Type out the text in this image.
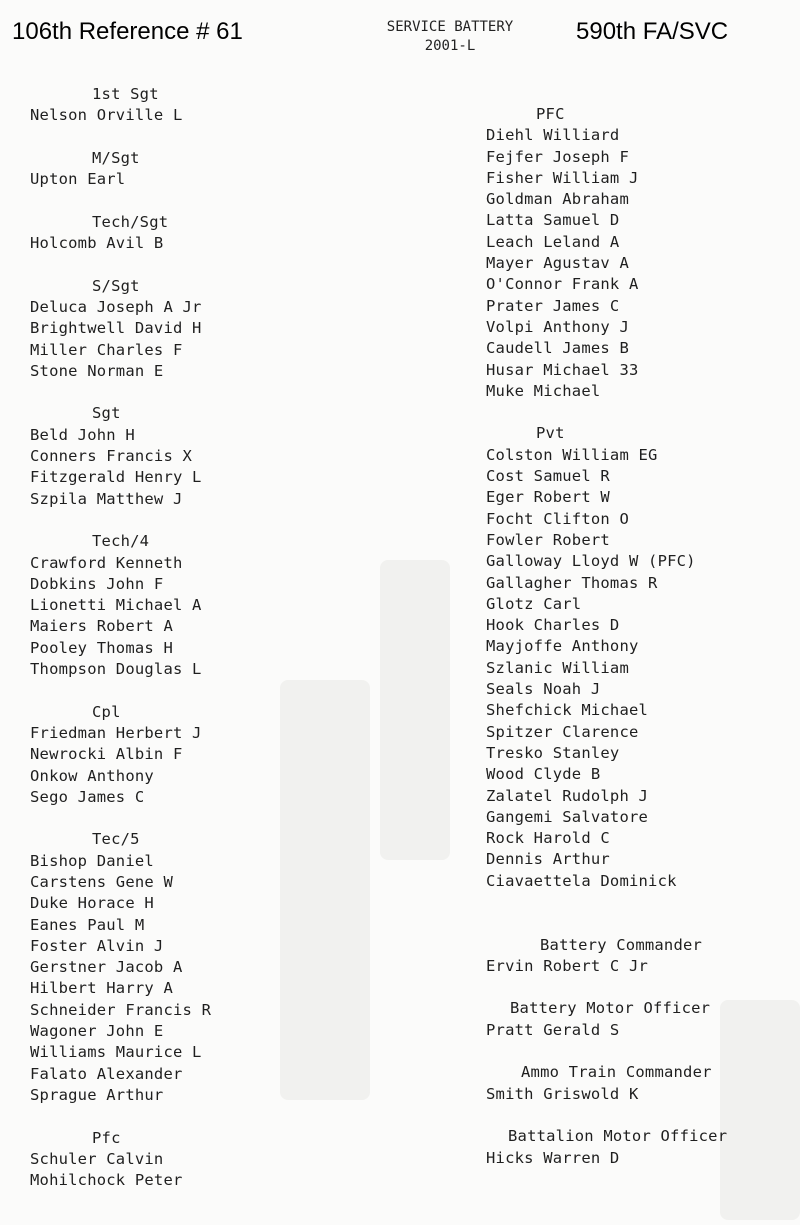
106th Reference # 61	590th FA/SVC
SERVICE BATTERY
2001-L
1st Sgt
Nelson Orville L
M/Sgt
Upton Earl
Tech/Sgt
Holcomb Avil B
S/Sgt
Deluca Joseph A Jr
Brightwell David H
Miller Charles F
Stone Norman E
Sgt
Beld John H
Conners Francis X
Fitzgerald Henry L
Szpila Matthew J
Tech/4
Crawford Kenneth
Dobkins John F
Lionetti Michael A
Maiers Robert A
Pooley Thomas H
Thompson Douglas L
Cpl
Friedman Herbert J
Newrocki Albin F
Onkow Anthony
Sego James C
Tec/5
Bishop Daniel
Carstens Gene W
Duke Horace H
Eanes Paul M
Foster Alvin J
Gerstner Jacob A
Hilbert Harry A
Schneider Francis R
Wagoner John E
Williams Maurice L
Falato Alexander
Sprague Arthur
Pfc
Schuler Calvin
Mohilchock Peter
PFC
Diehl Williard
Fejfer Joseph F
Fisher William J
Goldman Abraham
Latta Samuel D
Leach Leland A
Mayer Agustav A
O'Connor Frank A
Prater James C
Volpi Anthony J
Caudell James B
Husar Michael 33
Muke Michael
Pvt
Colston William EG
Cost Samuel R
Eger Robert W
Focht Clifton O
Fowler Robert
Galloway Lloyd W (PFC)
Gallagher Thomas R
Glotz Carl
Hook Charles D
Mayjoffe Anthony
Szlanic William
Seals Noah J
Shefchick Michael
Spitzer Clarence
Tresko Stanley
Wood Clyde B
Zalatel Rudolph J
Gangemi Salvatore
Rock Harold C
Dennis Arthur
Ciavaettela Dominick
Battery Commander
Ervin Robert C Jr
Battery Motor Officer
Pratt Gerald S
Ammo Train Commander
Smith Griswold K
Battalion Motor Officer
Hicks Warren D
